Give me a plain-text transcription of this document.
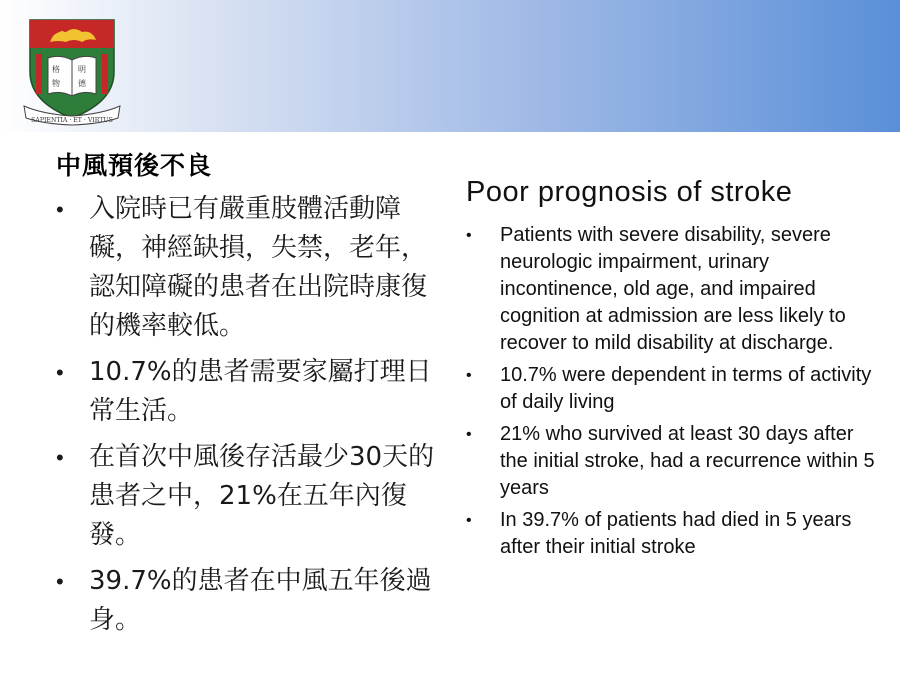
格
物
明
德
SAPIENTIA · ET · VIRTUS
中風預後不良
• 入院時已有嚴重肢體活動障礙，神經缺損，失禁，老年，認知障礙的患者在出院時康復的機率較低。
• 10.7%的患者需要家屬打理日常生活。
• 在首次中風後存活最少30天的患者之中，21%在五年內復發。
• 39.7%的患者在中風五年後過身。
Poor prognosis of stroke
• Patients with severe disability, severe neurologic impairment, urinary incontinence, old age, and impaired cognition at admission are less likely to recover to mild disability at discharge.
• 10.7% were dependent in terms of activity of daily living
• 21% who survived at least 30 days after the initial stroke, had a recurrence within 5 years
• In 39.7% of patients had died in 5 years after their initial stroke
